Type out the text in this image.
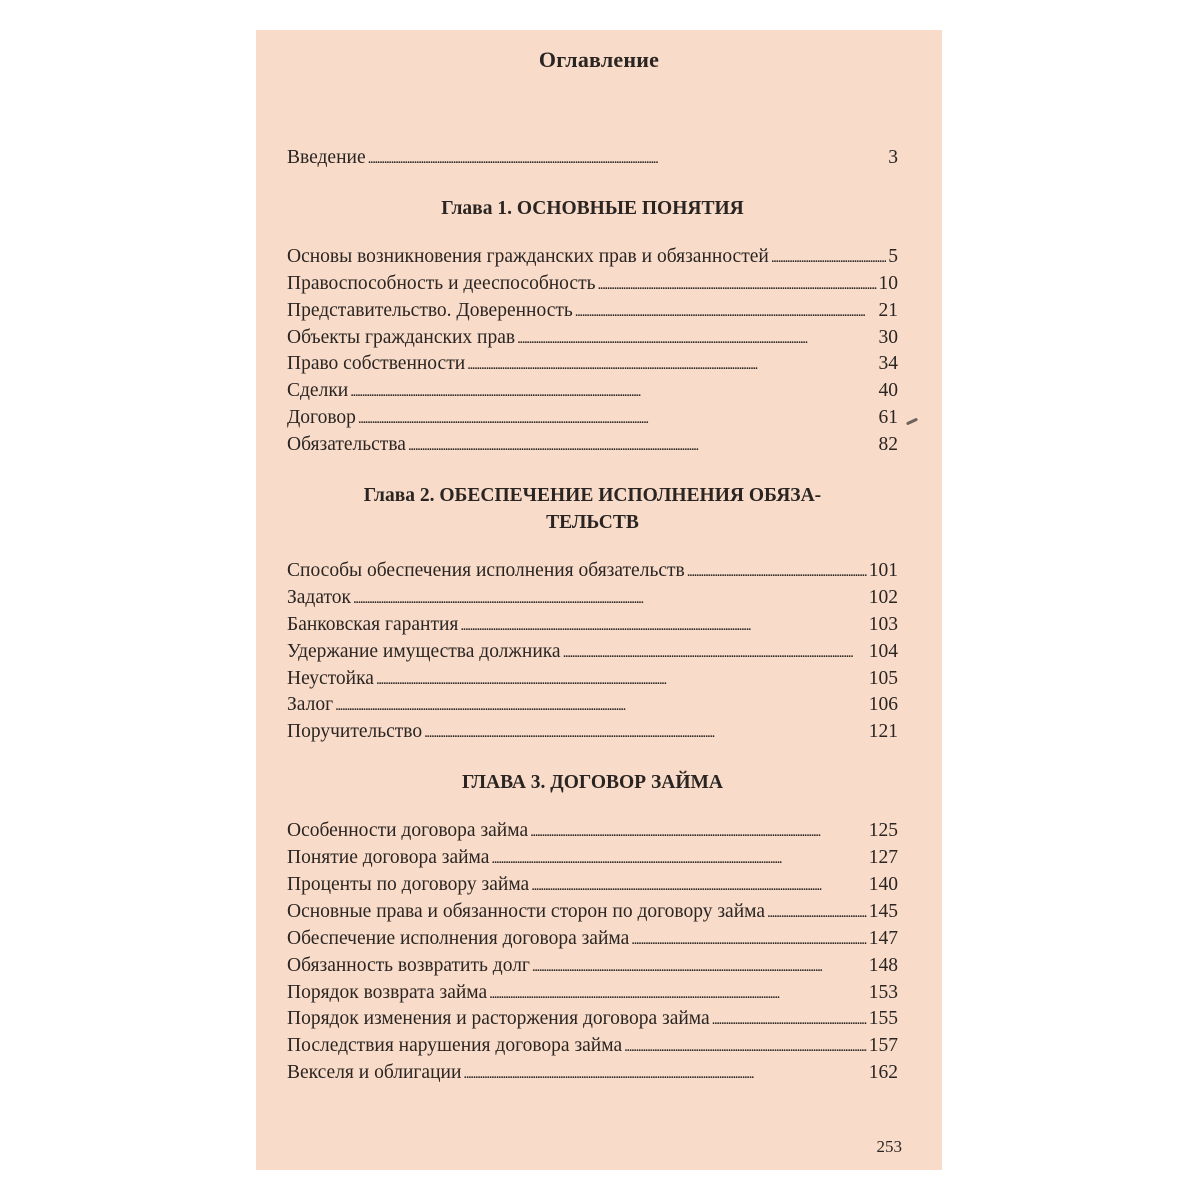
Оглавление
Введение . . .	3
Глава 1. ОСНОВНЫЕ ПОНЯТИЯ
Основы возникновения гражданских прав и обязанностей . . .	5
Правоспособность и дееспособность . . .	10
Представительство. Доверенность . . .	21
Объекты гражданских прав . . .	30
Право собственности . . .	34
Сделки . . .	40
Договор . . .	61
Обязательства . . .	82
Глава 2. ОБЕСПЕЧЕНИЕ ИСПОЛНЕНИЯ ОБЯЗА-
ТЕЛЬСТВ
Способы обеспечения исполнения обязательств . . .	101
Задаток . . .	102
Банковская гарантия . . .	103
Удержание имущества должника . . .	104
Неустойка . . .	105
Залог . . .	106
Поручительство . . .	121
ГЛАВА 3. ДОГОВОР ЗАЙМА
Особенности договора займа . . .	125
Понятие договора займа . . .	127
Проценты по договору займа . . .	140
Основные права и обязанности сторон по договору займа . . .	145
Обеспечение исполнения договора займа . . .	147
Обязанность возвратить долг . . .	148
Порядок возврата займа . . .	153
Порядок изменения и расторжения договора займа . . .	155
Последствия нарушения договора займа . . .	157
Векселя и облигации . . .	162
253
